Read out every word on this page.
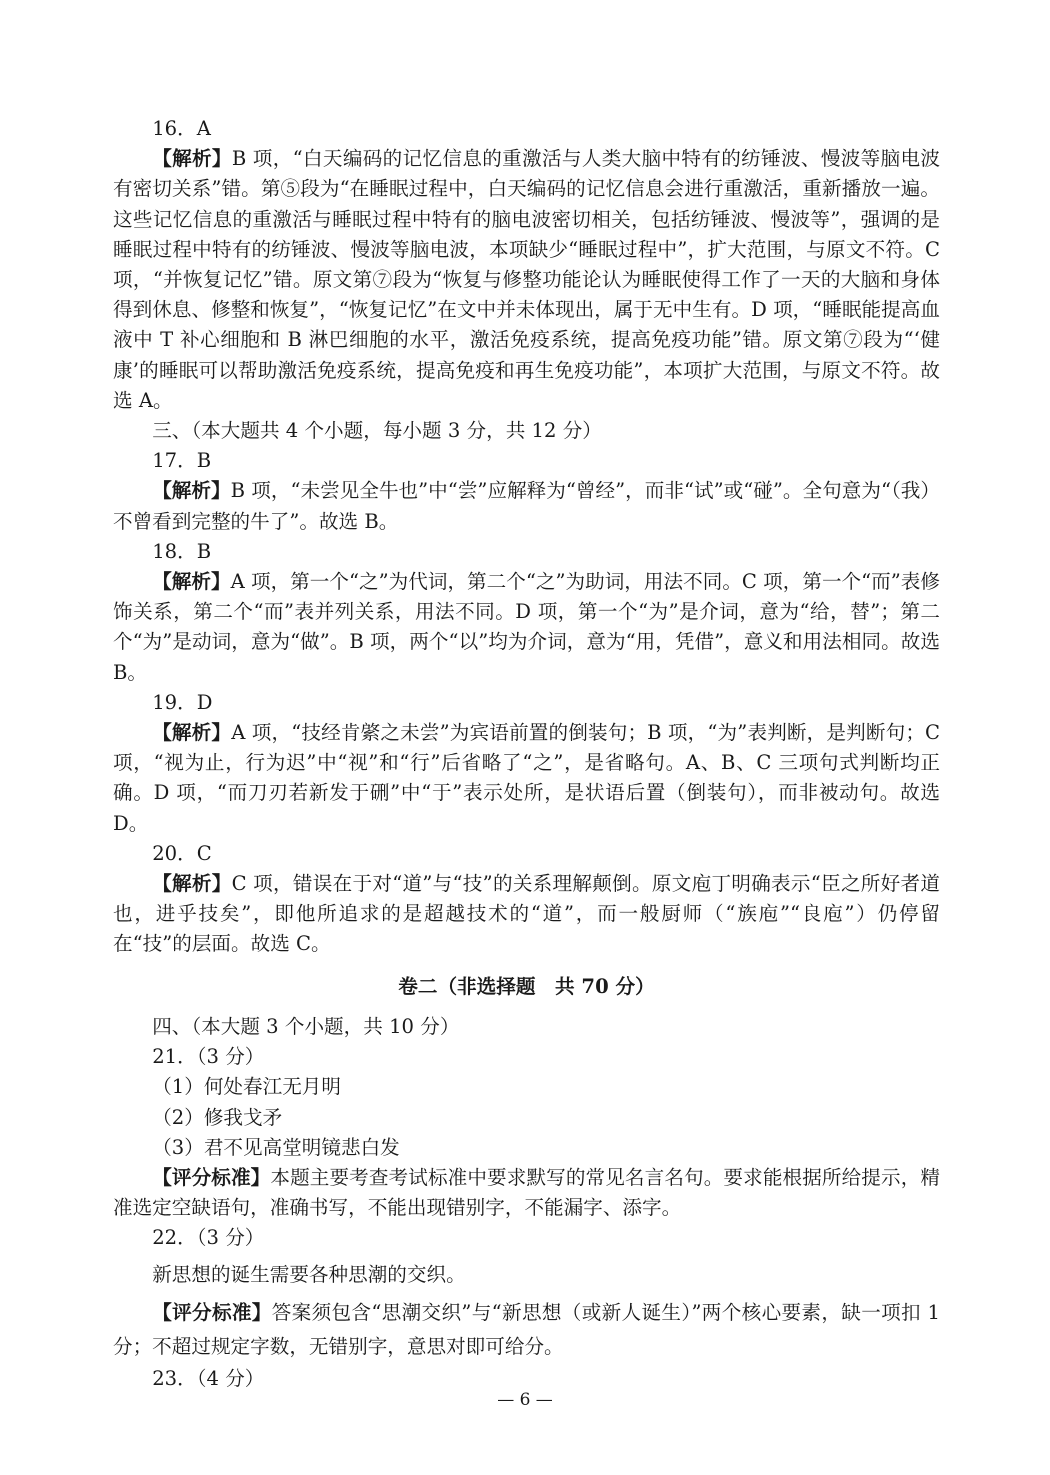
16．A

【解析】B 项，“白天编码的记忆信息的重激活与人类大脑中特有的纺锤波、慢波等脑电波有密切关系”错。第⑤段为“在睡眠过程中，白天编码的记忆信息会进行重激活，重新播放一遍。这些记忆信息的重激活与睡眠过程中特有的脑电波密切相关，包括纺锤波、慢波等”，强调的是睡眠过程中特有的纺锤波、慢波等脑电波，本项缺少“睡眠过程中”，扩大范围，与原文不符。C 项，“并恢复记忆”错。原文第⑦段为“恢复与修整功能论认为睡眠使得工作了一天的大脑和身体得到休息、修整和恢复”，“恢复记忆”在文中并未体现出，属于无中生有。D 项，“睡眠能提高血液中 T 补心细胞和 B 淋巴细胞的水平，激活免疫系统，提高免疫功能”错。原文第⑦段为“‘健康’的睡眠可以帮助激活免疫系统，提高免疫和再生免疫功能”，本项扩大范围，与原文不符。故选 A。

三、（本大题共 4 个小题，每小题 3 分，共 12 分）

17．B

【解析】B 项，“未尝见全牛也”中“尝”应解释为“曾经”，而非“试”或“碰”。全句意为“（我）不曾看到完整的牛了”。故选 B。

18．B

【解析】A 项，第一个“之”为代词，第二个“之”为助词，用法不同。C 项，第一个“而”表修饰关系，第二个“而”表并列关系，用法不同。D 项，第一个“为”是介词，意为“给，替”；第二个“为”是动词，意为“做”。B 项，两个“以”均为介词，意为“用，凭借”，意义和用法相同。故选 B。

19．D

【解析】A 项，“技经肯綮之未尝”为宾语前置的倒装句；B 项，“为”表判断，是判断句；C 项，“视为止，行为迟”中“视”和“行”后省略了“之”，是省略句。A、B、C 三项句式判断均正确。D 项，“而刀刃若新发于硎”中“于”表示处所，是状语后置（倒装句），而非被动句。故选 D。

20．C

【解析】C 项，错误在于对“道”与“技”的关系理解颠倒。原文庖丁明确表示“臣之所好者道也，进乎技矣”，即他所追求的是超越技术的“道”，而一般厨师（“族庖”“良庖”）仍停留在“技”的层面。故选 C。

卷二（非选择题　共 70 分）

四、（本大题 3 个小题，共 10 分）

21．（3 分）

（1）何处春江无月明

（2）修我戈矛

（3）君不见高堂明镜悲白发

【评分标准】本题主要考查考试标准中要求默写的常见名言名句。要求能根据所给提示，精准选定空缺语句，准确书写，不能出现错别字，不能漏字、添字。

22．（3 分）

新思想的诞生需要各种思潮的交织。

【评分标准】答案须包含“思潮交织”与“新思想（或新人诞生）”两个核心要素，缺一项扣 1 分；不超过规定字数，无错别字，意思对即可给分。

23．（4 分）

— 6 —
